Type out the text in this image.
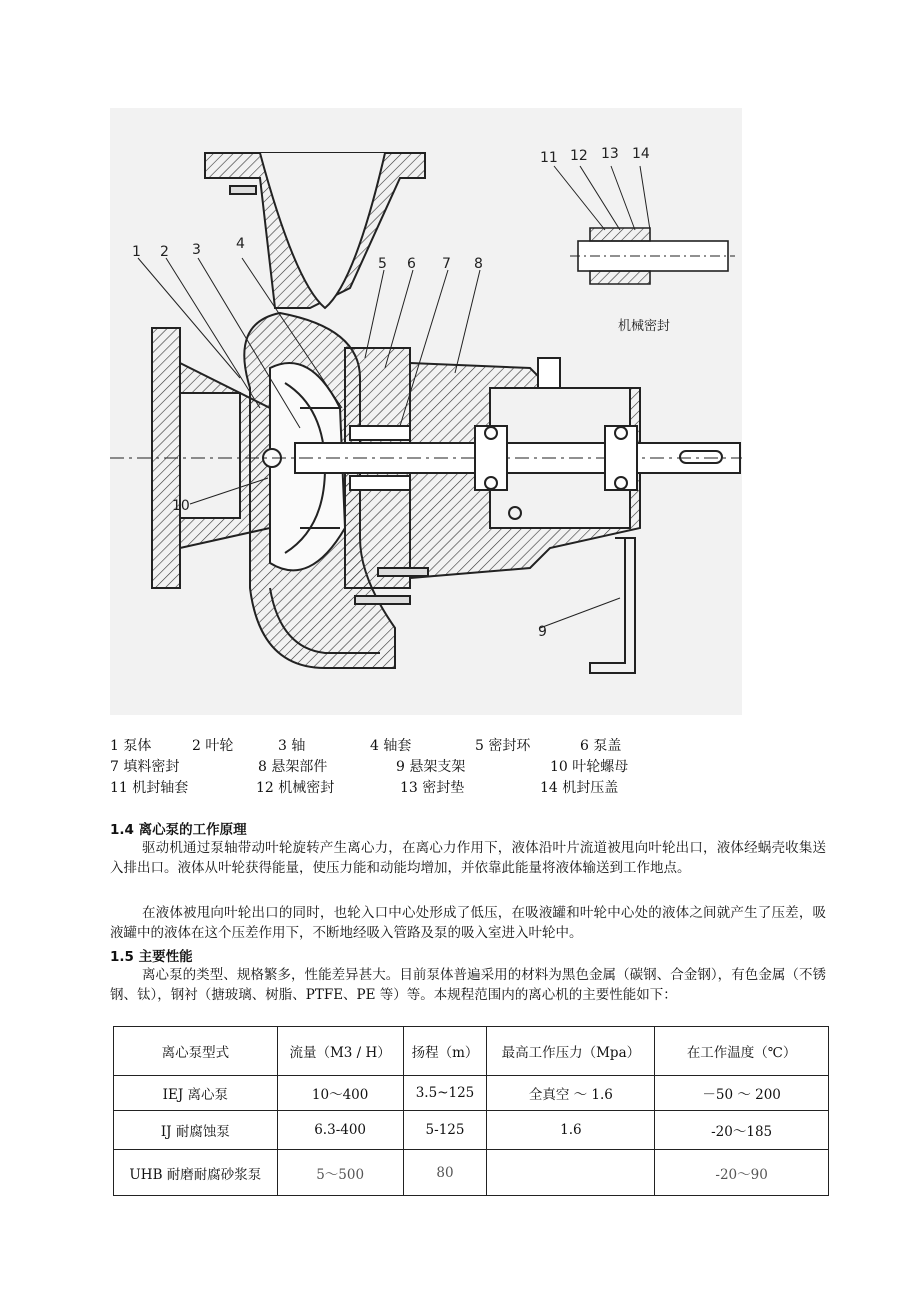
1 2 3	4
5 6 7 8
9
10
11 12 13 14
机械密封
1 泵体	2 叶轮	3 轴	4 轴套	5 密封环	6 泵盖
7 填料密封	8 悬架部件	9 悬架支架	10 叶轮螺母
11 机封轴套	12 机械密封	13 密封垫	14 机封压盖
1.4 离心泵的工作原理

驱动机通过泵轴带动叶轮旋转产生离心力，在离心力作用下，液体沿叶片流道被甩向叶轮出口，液体经蜗壳收集送入排出口。液体从叶轮获得能量，使压力能和动能均增加，并依靠此能量将液体输送到工作地点。

在液体被甩向叶轮出口的同时，也轮入口中心处形成了低压，在吸液罐和叶轮中心处的液体之间就产生了压差，吸液罐中的液体在这个压差作用下，不断地经吸入管路及泵的吸入室进入叶轮中。

1.5 主要性能

离心泵的类型、规格繁多，性能差异甚大。目前泵体普遍采用的材料为黑色金属（碳钢、合金钢），有色金属（不锈钢、钛），钢衬（搪玻璃、树脂、PTFE、PE 等）等。本规程范围内的离心机的主要性能如下：

离心泵型式	流量（M3 / H）	扬程（m）	最高工作压力（Mpa）	在工作温度（℃）
IEJ 离心泵	10～400	3.5~125	全真空 ～ 1.6	－50 ～ 200
IJ 耐腐蚀泵	6.3-400	5-125	1.6	-20～185
UHB 耐磨耐腐砂浆泵	5～500	80		-20～90
